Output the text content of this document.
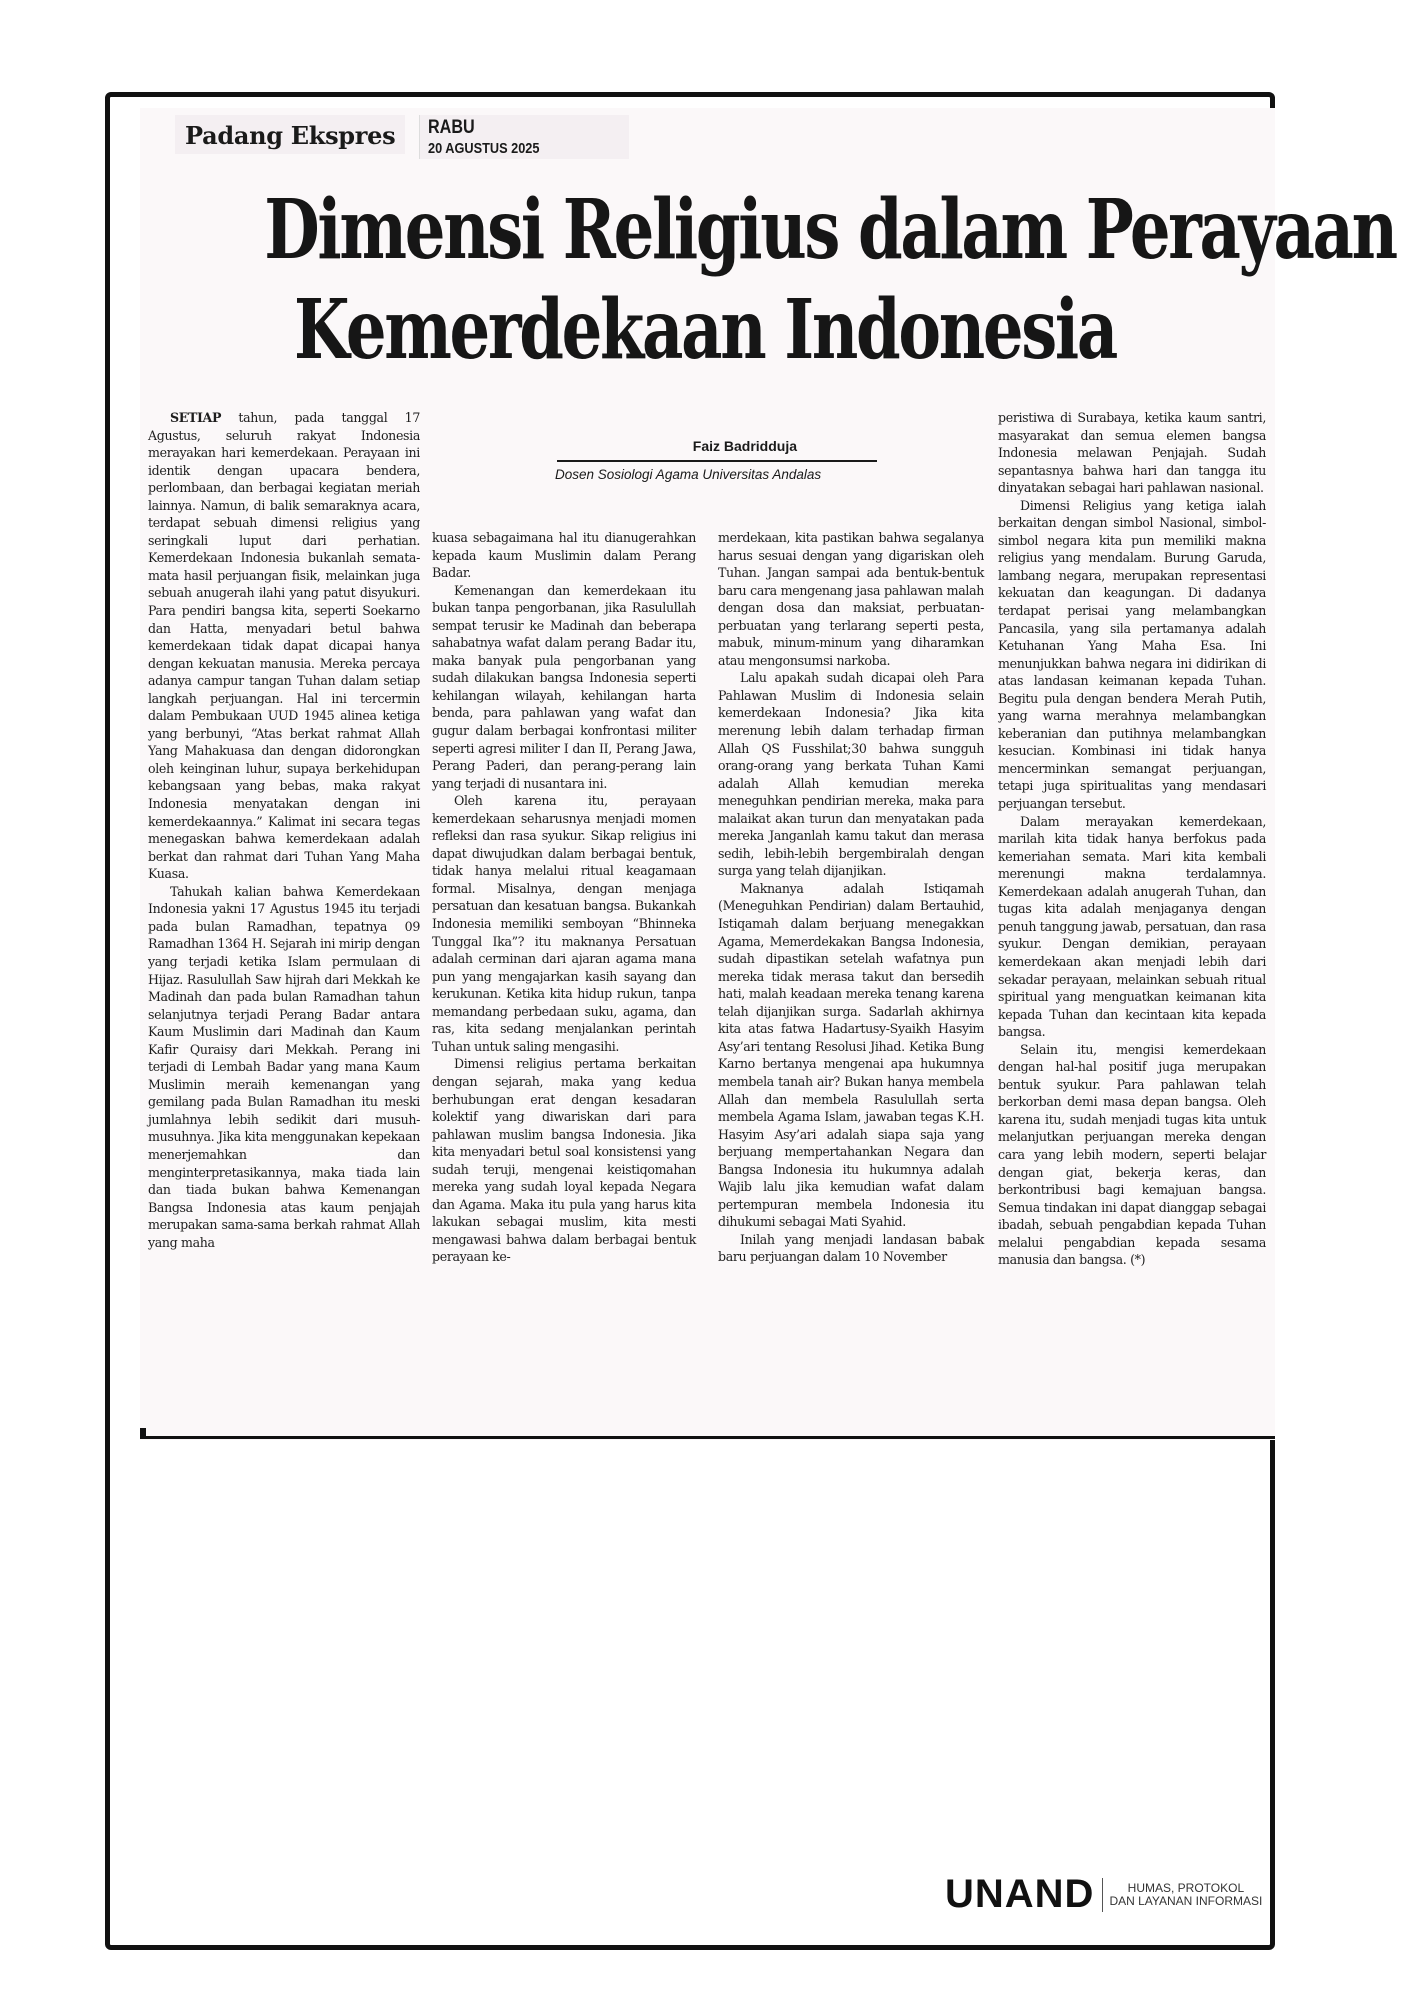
Padang Ekspres	RABU
20 AGUSTUS 2025
Dimensi Religius dalam Perayaan
Kemerdekaan Indonesia
Faiz Badridduja
Dosen Sosiologi Agama Universitas Andalas

SETIAP tahun, pada tanggal 17 Agustus, seluruh rakyat Indonesia merayakan hari kemerdekaan. Perayaan ini identik dengan upacara bendera, perlombaan, dan berbagai kegiatan meriah lainnya. Namun, di balik semaraknya acara, terdapat sebuah dimensi religius yang seringkali luput dari perhatian. Kemerdekaan Indonesia bukanlah semata-mata hasil perjuangan fisik, melainkan juga sebuah anugerah ilahi yang patut disyukuri. Para pendiri bangsa kita, seperti Soekarno dan Hatta, menyadari betul bahwa kemerdekaan tidak dapat dicapai hanya dengan kekuatan manusia. Mereka percaya adanya campur tangan Tuhan dalam setiap langkah perjuangan. Hal ini tercermin dalam Pembukaan UUD 1945 alinea ketiga yang berbunyi, “Atas berkat rahmat Allah Yang Mahakuasa dan dengan didorongkan oleh keinginan luhur, supaya berkehidupan kebangsaan yang bebas, maka rakyat Indonesia menyatakan dengan ini kemerdekaannya.” Kalimat ini secara tegas menegaskan bahwa kemerdekaan adalah berkat dan rahmat dari Tuhan Yang Maha Kuasa.

Tahukah kalian bahwa Kemerdekaan Indonesia yakni 17 Agustus 1945 itu terjadi pada bulan Ramadhan, tepatnya 09 Ramadhan 1364 H. Sejarah ini mirip dengan yang terjadi ketika Islam permulaan di Hijaz. Rasulullah Saw hijrah dari Mekkah ke Madinah dan pada bulan Ramadhan tahun selanjutnya terjadi Perang Badar antara Kaum Muslimin dari Madinah dan Kaum Kafir Quraisy dari Mekkah. Perang ini terjadi di Lembah Badar yang mana Kaum Muslimin meraih kemenangan yang gemilang pada Bulan Ramadhan itu meski jumlahnya lebih sedikit dari musuh-musuhnya. Jika kita menggunakan kepekaan menerjemahkan dan menginterpretasikannya, maka tiada lain dan tiada bukan bahwa Kemenangan Bangsa Indonesia atas kaum penjajah merupakan sama-sama berkah rahmat Allah yang maha

kuasa sebagaimana hal itu dianugerahkan kepada kaum Muslimin dalam Perang Badar.

Kemenangan dan kemerdekaan itu bukan tanpa pengorbanan, jika Rasulullah sempat terusir ke Madinah dan beberapa sahabatnya wafat dalam perang Badar itu, maka banyak pula pengorbanan yang sudah dilakukan bangsa Indonesia seperti kehilangan wilayah, kehilangan harta benda, para pahlawan yang wafat dan gugur dalam berbagai konfrontasi militer seperti agresi militer I dan II, Perang Jawa, Perang Paderi, dan perang-perang lain yang terjadi di nusantara ini.

Oleh karena itu, perayaan kemerdekaan seharusnya menjadi momen refleksi dan rasa syukur. Sikap religius ini dapat diwujudkan dalam berbagai bentuk, tidak hanya melalui ritual keagamaan formal. Misalnya, dengan menjaga persatuan dan kesatuan bangsa. Bukankah Indonesia memiliki semboyan “Bhinneka Tunggal Ika”? itu maknanya Persatuan adalah cerminan dari ajaran agama mana pun yang mengajarkan kasih sayang dan kerukunan. Ketika kita hidup rukun, tanpa memandang perbedaan suku, agama, dan ras, kita sedang menjalankan perintah Tuhan untuk saling mengasihi.

Dimensi religius pertama berkaitan dengan sejarah, maka yang kedua berhubungan erat dengan kesadaran kolektif yang diwariskan dari para pahlawan muslim bangsa Indonesia. Jika kita menyadari betul soal konsistensi yang sudah teruji, mengenai keistiqomahan mereka yang sudah loyal kepada Negara dan Agama. Maka itu pula yang harus kita lakukan sebagai muslim, kita mesti mengawasi bahwa dalam berbagai bentuk perayaan ke-

merdekaan, kita pastikan bahwa segalanya harus sesuai dengan yang digariskan oleh Tuhan. Jangan sampai ada bentuk-bentuk baru cara mengenang jasa pahlawan malah dengan dosa dan maksiat, perbuatan-perbuatan yang terlarang seperti pesta, mabuk, minum-minum yang diharamkan atau mengonsumsi narkoba.

Lalu apakah sudah dicapai oleh Para Pahlawan Muslim di Indonesia selain kemerdekaan Indonesia? Jika kita merenung lebih dalam terhadap firman Allah QS Fusshilat;30 bahwa sungguh orang-orang yang berkata Tuhan Kami adalah Allah kemudian mereka meneguhkan pendirian mereka, maka para malaikat akan turun dan menyatakan pada mereka Janganlah kamu takut dan merasa sedih, lebih-lebih bergembiralah dengan surga yang telah dijanjikan.

Maknanya adalah Istiqamah (Meneguhkan Pendirian) dalam Bertauhid, Istiqamah dalam berjuang menegakkan Agama, Memerdekakan Bangsa Indonesia, sudah dipastikan setelah wafatnya pun mereka tidak merasa takut dan bersedih hati, malah keadaan mereka tenang karena telah dijanjikan surga. Sadarlah akhirnya kita atas fatwa Hadartusy-Syaikh Hasyim Asy’ari tentang Resolusi Jihad. Ketika Bung Karno bertanya mengenai apa hukumnya membela tanah air? Bukan hanya membela Allah dan membela Rasulullah serta membela Agama Islam, jawaban tegas K.H. Hasyim Asy’ari adalah siapa saja yang berjuang mempertahankan Negara dan Bangsa Indonesia itu hukumnya adalah Wajib lalu jika kemudian wafat dalam pertempuran membela Indonesia itu dihukumi sebagai Mati Syahid.

Inilah yang menjadi landasan babak baru perjuangan dalam 10 November

peristiwa di Surabaya, ketika kaum santri, masyarakat dan semua elemen bangsa Indonesia melawan Penjajah. Sudah sepantasnya bahwa hari dan tangga itu dinyatakan sebagai hari pahlawan nasional.

Dimensi Religius yang ketiga ialah berkaitan dengan simbol Nasional, simbol-simbol negara kita pun memiliki makna religius yang mendalam. Burung Garuda, lambang negara, merupakan representasi kekuatan dan keagungan. Di dadanya terdapat perisai yang melambangkan Pancasila, yang sila pertamanya adalah Ketuhanan Yang Maha Esa. Ini menunjukkan bahwa negara ini didirikan di atas landasan keimanan kepada Tuhan. Begitu pula dengan bendera Merah Putih, yang warna merahnya melambangkan keberanian dan putihnya melambangkan kesucian. Kombinasi ini tidak hanya mencerminkan semangat perjuangan, tetapi juga spiritualitas yang mendasari perjuangan tersebut.

Dalam merayakan kemerdekaan, marilah kita tidak hanya berfokus pada kemeriahan semata. Mari kita kembali merenungi makna terdalamnya. Kemerdekaan adalah anugerah Tuhan, dan tugas kita adalah menjaganya dengan penuh tanggung jawab, persatuan, dan rasa syukur. Dengan demikian, perayaan kemerdekaan akan menjadi lebih dari sekadar perayaan, melainkan sebuah ritual spiritual yang menguatkan keimanan kita kepada Tuhan dan kecintaan kita kepada bangsa.

Selain itu, mengisi kemerdekaan dengan hal-hal positif juga merupakan bentuk syukur. Para pahlawan telah berkorban demi masa depan bangsa. Oleh karena itu, sudah menjadi tugas kita untuk melanjutkan perjuangan mereka dengan cara yang lebih modern, seperti belajar dengan giat, bekerja keras, dan berkontribusi bagi kemajuan bangsa. Semua tindakan ini dapat dianggap sebagai ibadah, sebuah pengabdian kepada Tuhan melalui pengabdian kepada sesama manusia dan bangsa. (*)

UNAND	HUMAS, PROTOKOL
DAN LAYANAN INFORMASI
